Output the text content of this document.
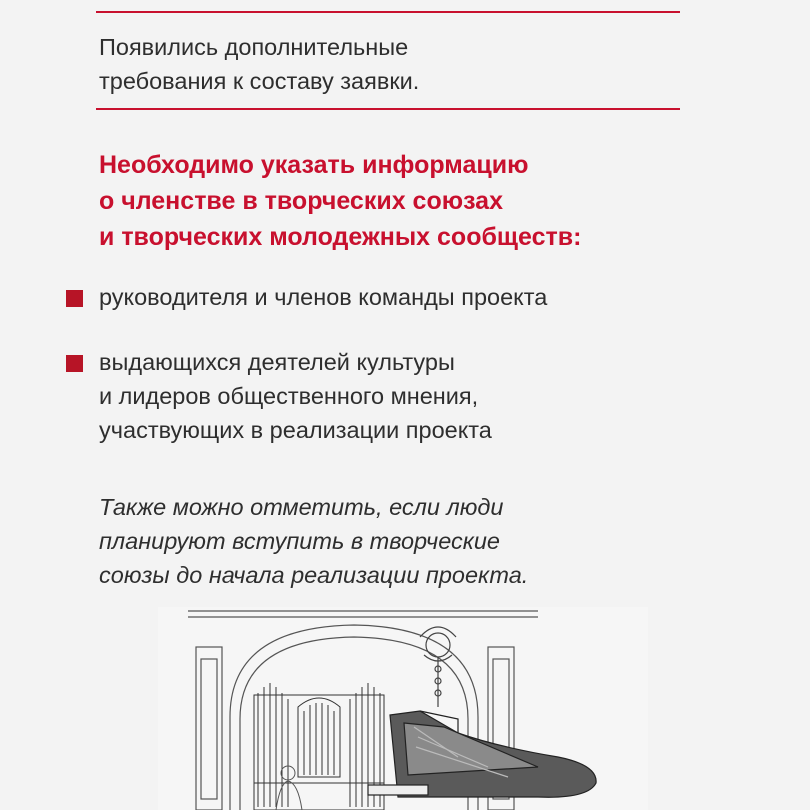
Появились дополнительные
требования к составу заявки.
Необходимо указать информацию
о членстве в творческих союзах
и творческих молодежных сообществ:
руководителя и членов команды проекта
выдающихся деятелей культуры
и лидеров общественного мнения,
участвующих в реализации проекта
Также можно отметить, если люди
планируют вступить в творческие
союзы до начала реализации проекта.
